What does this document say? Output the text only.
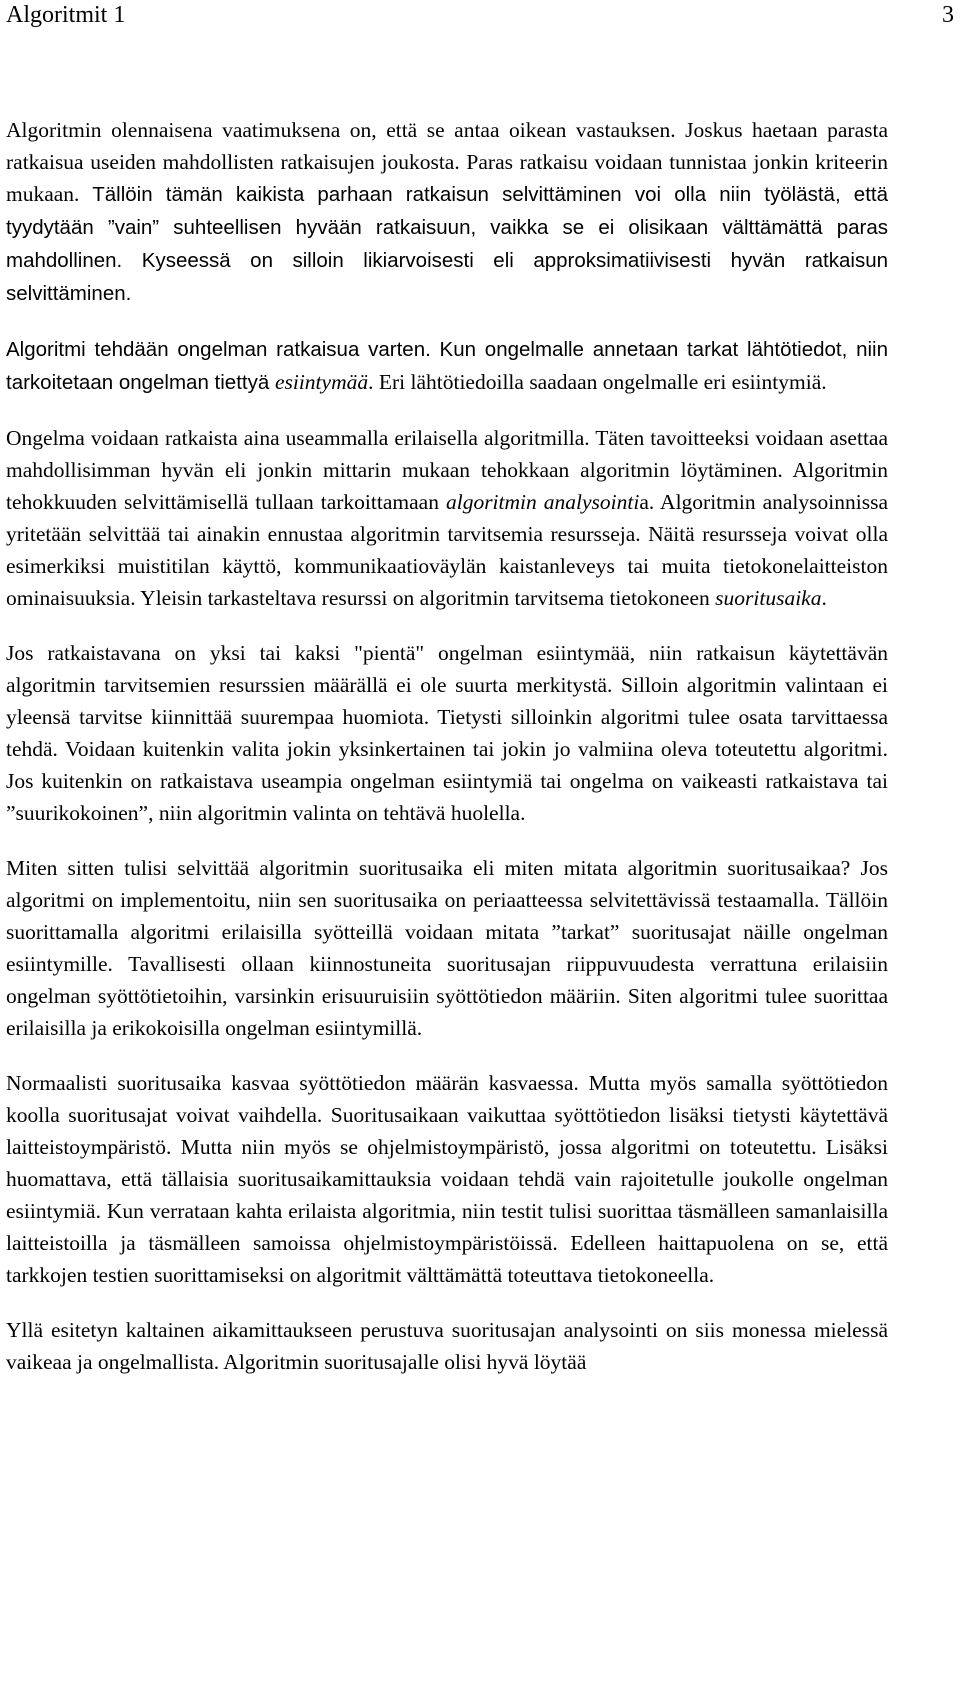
Algoritmit 1	3

Algoritmin olennaisena vaatimuksena on, että se antaa oikean vastauksen. Joskus haetaan parasta ratkaisua useiden mahdollisten ratkaisujen joukosta. Paras ratkaisu voidaan tunnistaa jonkin kriteerin mukaan. Tällöin tämän kaikista parhaan ratkaisun selvittäminen voi olla niin työlästä, että tyydytään ”vain” suhteellisen hyvään ratkaisuun, vaikka se ei olisikaan välttämättä paras mahdollinen. Kyseessä on silloin likiarvoisesti eli approksimatiivisesti hyvän ratkaisun selvittäminen.

Algoritmi tehdään ongelman ratkaisua varten. Kun ongelmalle annetaan tarkat lähtötiedot, niin tarkoitetaan ongelman tiettyä esiintymää. Eri lähtötiedoilla saadaan ongelmalle eri esiintymiä.

Ongelma voidaan ratkaista aina useammalla erilaisella algoritmilla. Täten tavoitteeksi voidaan asettaa mahdollisimman hyvän eli jonkin mittarin mukaan tehokkaan algoritmin löytäminen. Algoritmin tehokkuuden selvittämisellä tullaan tarkoittamaan algoritmin analysointia. Algoritmin analysoinnissa yritetään selvittää tai ainakin ennustaa algoritmin tarvitsemia resursseja. Näitä resursseja voivat olla esimerkiksi muistitilan käyttö, kommunikaatioväylän kaistanleveys tai muita tietokonelaitteiston ominaisuuksia. Yleisin tarkasteltava resurssi on algoritmin tarvitsema tietokoneen suoritusaika.

Jos ratkaistavana on yksi tai kaksi "pientä" ongelman esiintymää, niin ratkaisun käytettävän algoritmin tarvitsemien resurssien määrällä ei ole suurta merkitystä. Silloin algoritmin valintaan ei yleensä tarvitse kiinnittää suurempaa huomiota. Tietysti silloinkin algoritmi tulee osata tarvittaessa tehdä. Voidaan kuitenkin valita jokin yksinkertainen tai jokin jo valmiina oleva toteutettu algoritmi. Jos kuitenkin on ratkaistava useampia ongelman esiintymiä tai ongelma on vaikeasti ratkaistava tai ”suurikokoinen”, niin algoritmin valinta on tehtävä huolella.

Miten sitten tulisi selvittää algoritmin suoritusaika eli miten mitata algoritmin suoritusaikaa? Jos algoritmi on implementoitu, niin sen suoritusaika on periaatteessa selvitettävissä testaamalla. Tällöin suorittamalla algoritmi erilaisilla syötteillä voidaan mitata ”tarkat” suoritusajat näille ongelman esiintymille. Tavallisesti ollaan kiinnostuneita suoritusajan riippuvuudesta verrattuna erilaisiin ongelman syöttötietoihin, varsinkin erisuuruisiin syöttötiedon määriin. Siten algoritmi tulee suorittaa erilaisilla ja erikokoisilla ongelman esiintymillä.

Normaalisti suoritusaika kasvaa syöttötiedon määrän kasvaessa. Mutta myös samalla syöttötiedon koolla suoritusajat voivat vaihdella. Suoritusaikaan vaikuttaa syöttötiedon lisäksi tietysti käytettävä laitteistoympäristö. Mutta niin myös se ohjelmistoympäristö, jossa algoritmi on toteutettu. Lisäksi huomattava, että tällaisia suoritusaikamittauksia voidaan tehdä vain rajoitetulle joukolle ongelman esiintymiä. Kun verrataan kahta erilaista algoritmia, niin testit tulisi suorittaa täsmälleen samanlaisilla laitteistoilla ja täsmälleen samoissa ohjelmistoympäristöissä. Edelleen haittapuolena on se, että tarkkojen testien suorittamiseksi on algoritmit välttämättä toteuttava tietokoneella.

Yllä esitetyn kaltainen aikamittaukseen perustuva suoritusajan analysointi on siis monessa mielessä vaikeaa ja ongelmallista. Algoritmin suoritusajalle olisi hyvä löytää
